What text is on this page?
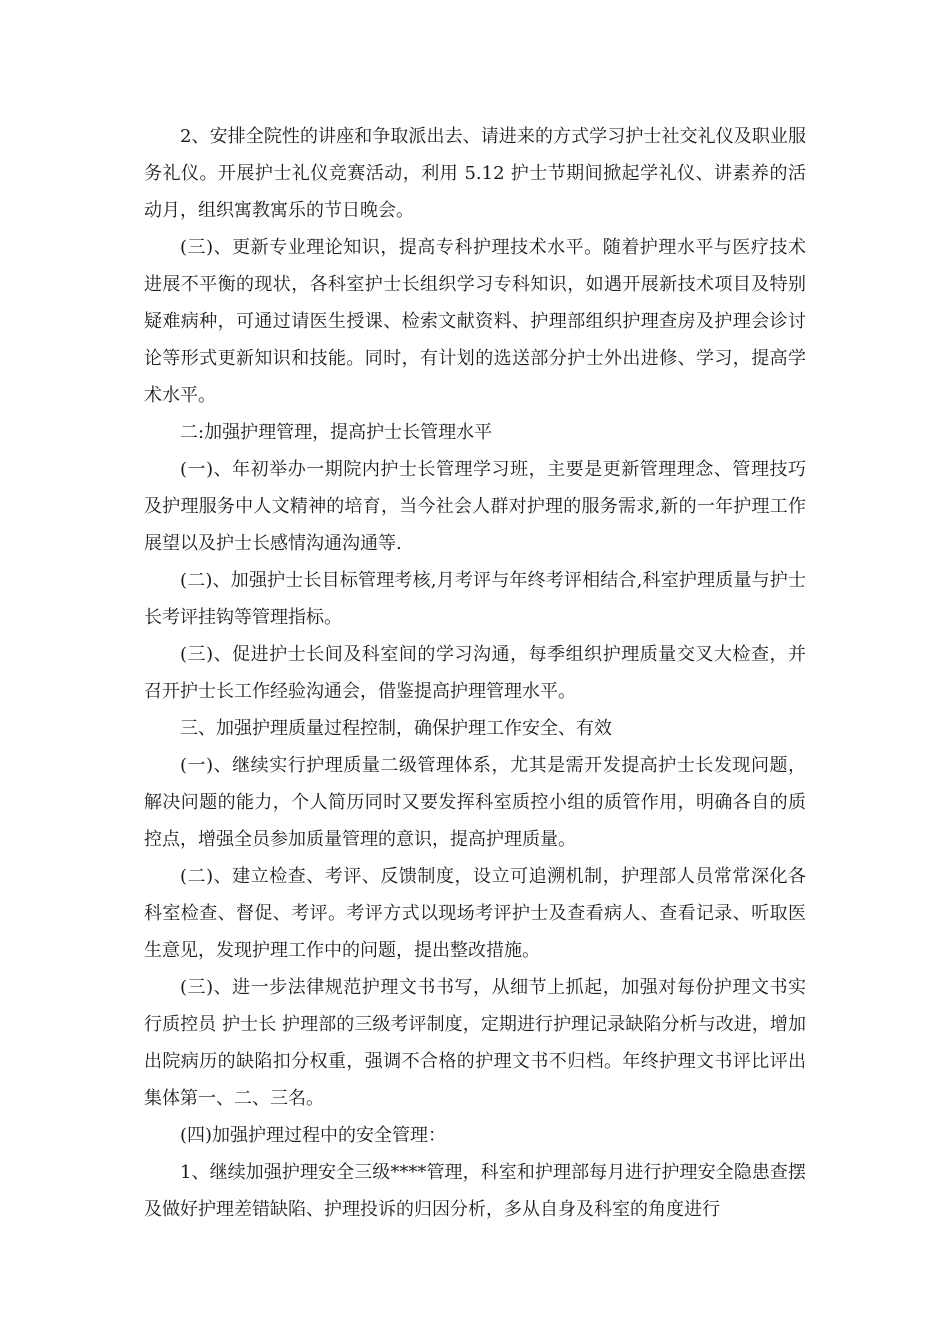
2、安排全院性的讲座和争取派出去、请进来的方式学习护士社交礼仪及职业服务礼仪。开展护士礼仪竞赛活动，利用 5.12 护士节期间掀起学礼仪、讲素养的活动月，组织寓教寓乐的节日晚会。

(三)、更新专业理论知识，提高专科护理技术水平。随着护理水平与医疗技术进展不平衡的现状，各科室护士长组织学习专科知识，如遇开展新技术项目及特别疑难病种，可通过请医生授课、检索文献资料、护理部组织护理查房及护理会诊讨论等形式更新知识和技能。同时，有计划的选送部分护士外出进修、学习，提高学术水平。

二:加强护理管理，提高护士长管理水平

(一)、年初举办一期院内护士长管理学习班，主要是更新管理理念、管理技巧及护理服务中人文精神的培育，当今社会人群对护理的服务需求,新的一年护理工作展望以及护士长感情沟通沟通等.

(二)、加强护士长目标管理考核,月考评与年终考评相结合,科室护理质量与护士长考评挂钩等管理指标。

(三)、促进护士长间及科室间的学习沟通，每季组织护理质量交叉大检查，并召开护士长工作经验沟通会，借鉴提高护理管理水平。

三、加强护理质量过程控制，确保护理工作安全、有效

(一)、继续实行护理质量二级管理体系，尤其是需开发提高护士长发现问题，解决问题的能力，个人简历同时又要发挥科室质控小组的质管作用，明确各自的质控点，增强全员参加质量管理的意识，提高护理质量。

(二)、建立检查、考评、反馈制度，设立可追溯机制，护理部人员常常深化各科室检查、督促、考评。考评方式以现场考评护士及查看病人、查看记录、听取医生意见，发现护理工作中的问题，提出整改措施。

(三)、进一步法律规范护理文书书写，从细节上抓起，加强对每份护理文书实行质控员 护士长 护理部的三级考评制度，定期进行护理记录缺陷分析与改进，增加出院病历的缺陷扣分权重，强调不合格的护理文书不归档。年终护理文书评比评出集体第一、二、三名。

(四)加强护理过程中的安全管理：

1、继续加强护理安全三级****管理，科室和护理部每月进行护理安全隐患查摆及做好护理差错缺陷、护理投诉的归因分析，多从自身及科室的角度进行
